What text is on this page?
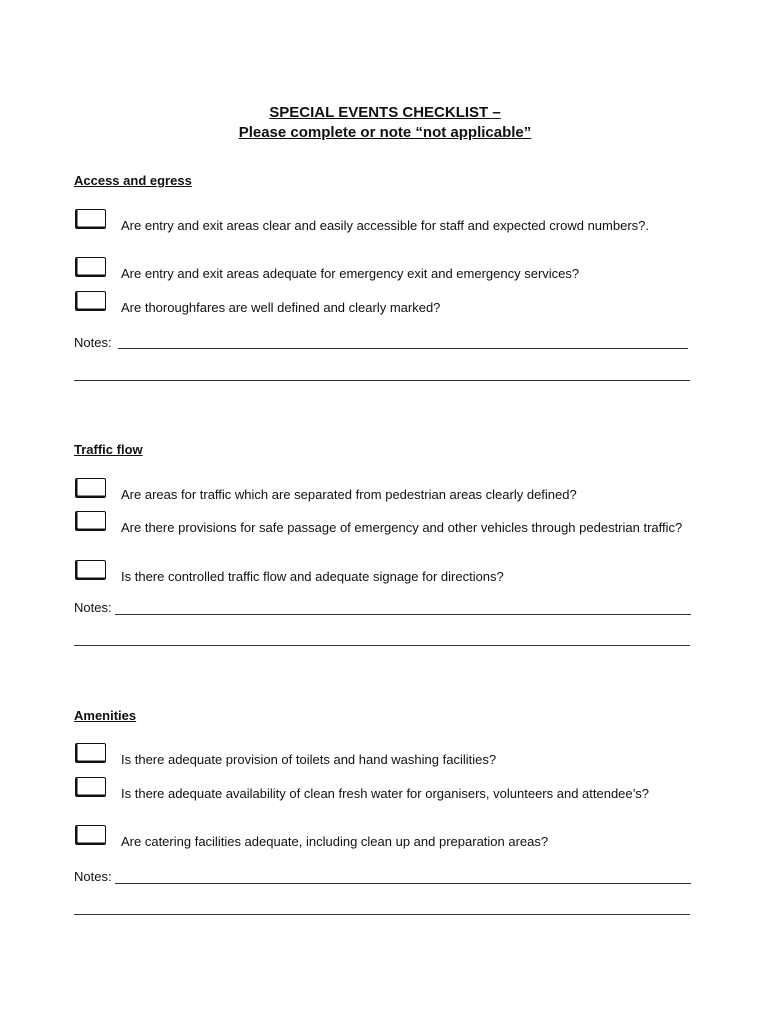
SPECIAL EVENTS CHECKLIST –
Please complete or note “not applicable”
Access and egress
Are entry and exit areas clear and easily accessible for staff and expected crowd numbers?.
Are entry and exit areas adequate for emergency exit and emergency services?
Are thoroughfares are well defined and clearly marked?
Notes:
Traffic flow
Are areas for traffic which are separated from pedestrian areas clearly defined?
Are there provisions for safe passage of emergency and other vehicles through pedestrian traffic?
Is there controlled traffic flow and adequate signage for directions?
Notes:
Amenities
Is there adequate provision of toilets and hand washing facilities?
Is there adequate availability of clean fresh water for organisers, volunteers and attendee’s?
Are catering facilities adequate, including clean up and preparation areas?
Notes:
